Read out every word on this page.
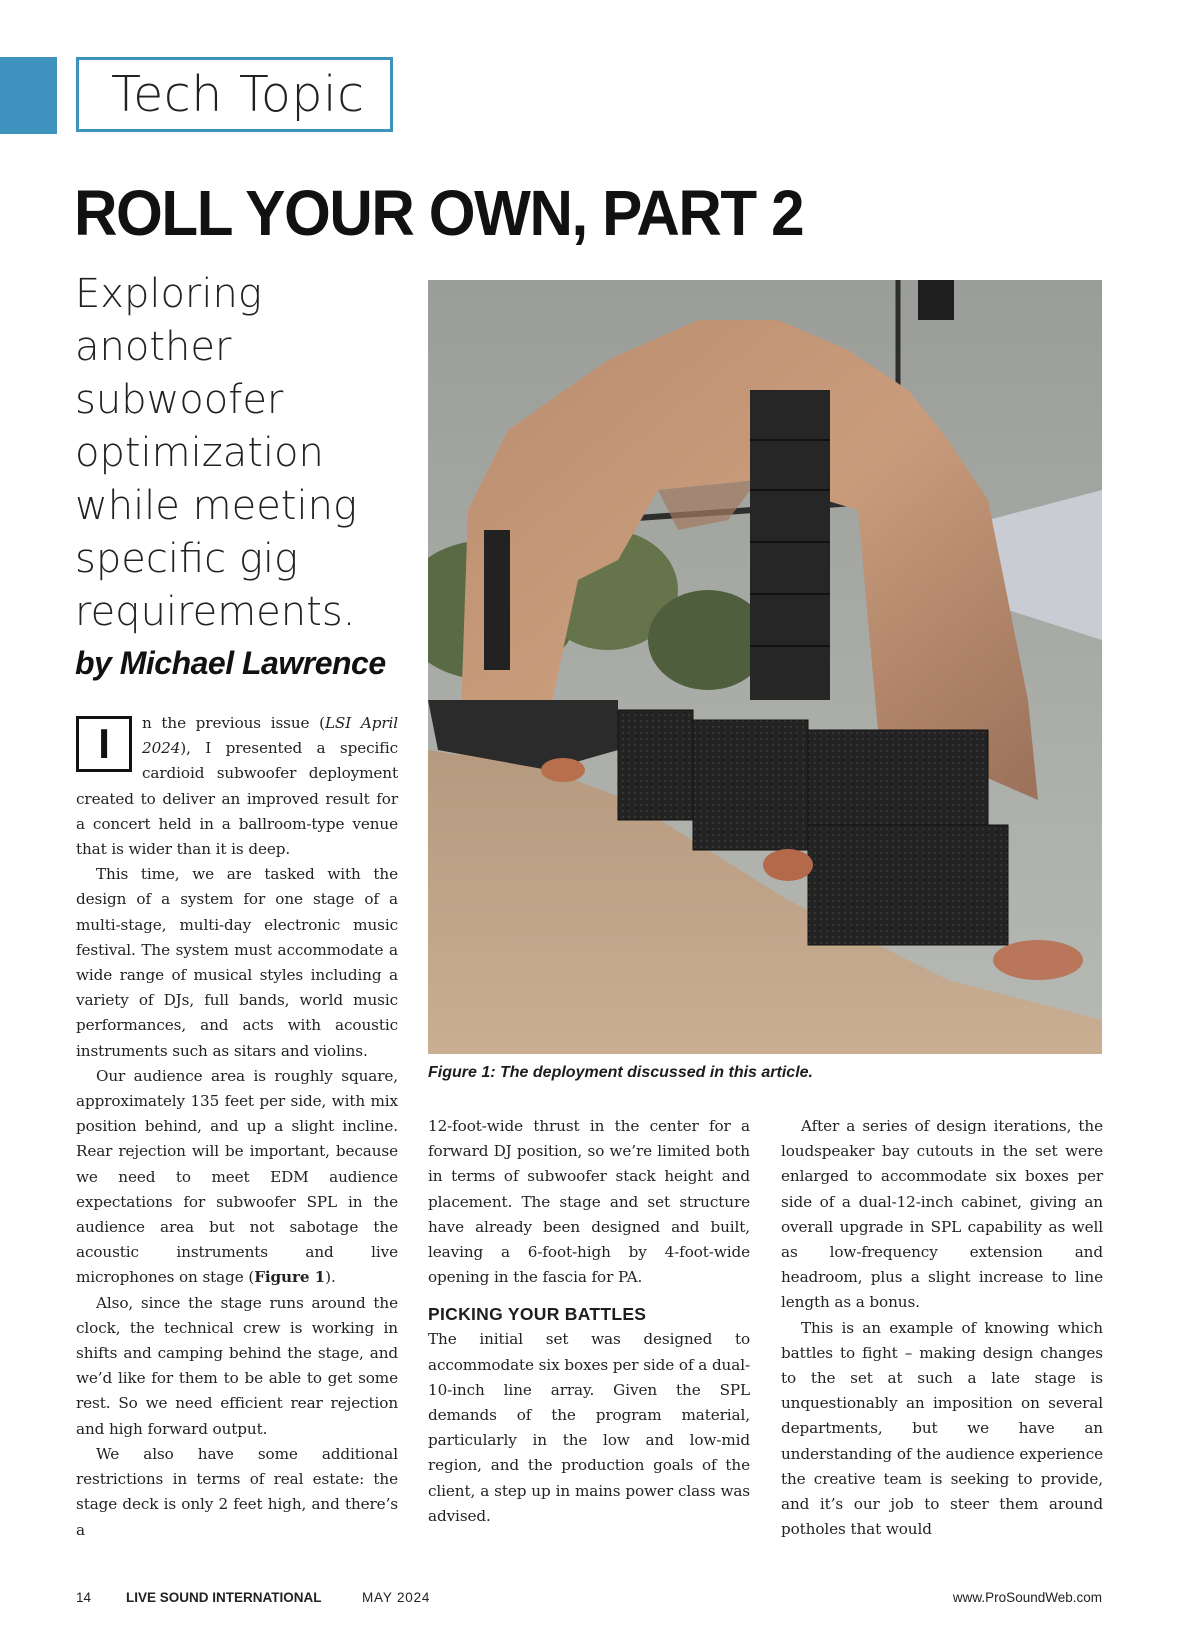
Tech Topic
ROLL YOUR OWN, PART 2

Exploring another subwoofer optimization while meeting specific gig requirements.

by Michael Lawrence

I	n the previous issue (LSI April 2024), I presented a specific cardioid subwoofer deployment created to deliver an improved result for a concert held in a ballroom-type venue that is wider than it is deep.

This time, we are tasked with the design of a system for one stage of a multi-stage, multi-day electronic music festival. The system must accommodate a wide range of musical styles including a variety of DJs, full bands, world music performances, and acts with acoustic instruments such as sitars and violins.

Our audience area is roughly square, approximately 135 feet per side, with mix position behind, and up a slight incline. Rear rejection will be important, because we need to meet EDM audience expectations for subwoofer SPL in the audience area but not sabotage the acoustic instruments and live microphones on stage (Figure 1).

Also, since the stage runs around the clock, the technical crew is working in shifts and camping behind the stage, and we’d like for them to be able to get some rest. So we need efficient rear rejection and high forward output.

We also have some additional restrictions in terms of real estate: the stage deck is only 2 feet high, and there’s a

Figure 1: The deployment discussed in this article.

12-foot-wide thrust in the center for a forward DJ position, so we’re limited both in terms of subwoofer stack height and placement. The stage and set structure have already been designed and built, leaving a 6-foot-high by 4-foot-wide opening in the fascia for PA.

PICKING YOUR BATTLES

The initial set was designed to accommodate six boxes per side of a dual-10-inch line array. Given the SPL demands of the program material, particularly in the low and low-mid region, and the production goals of the client, a step up in mains power class was advised.

After a series of design iterations, the loudspeaker bay cutouts in the set were enlarged to accommodate six boxes per side of a dual-12-inch cabinet, giving an overall upgrade in SPL capability as well as low-frequency extension and headroom, plus a slight increase to line length as a bonus.

This is an example of knowing which battles to fight – making design changes to the set at such a late stage is unquestionably an imposition on several departments, but we have an understanding of the audience experience the creative team is seeking to provide, and it’s our job to steer them around potholes that would

14	LIVE SOUND INTERNATIONAL	MAY 2024	www.ProSoundWeb.com
